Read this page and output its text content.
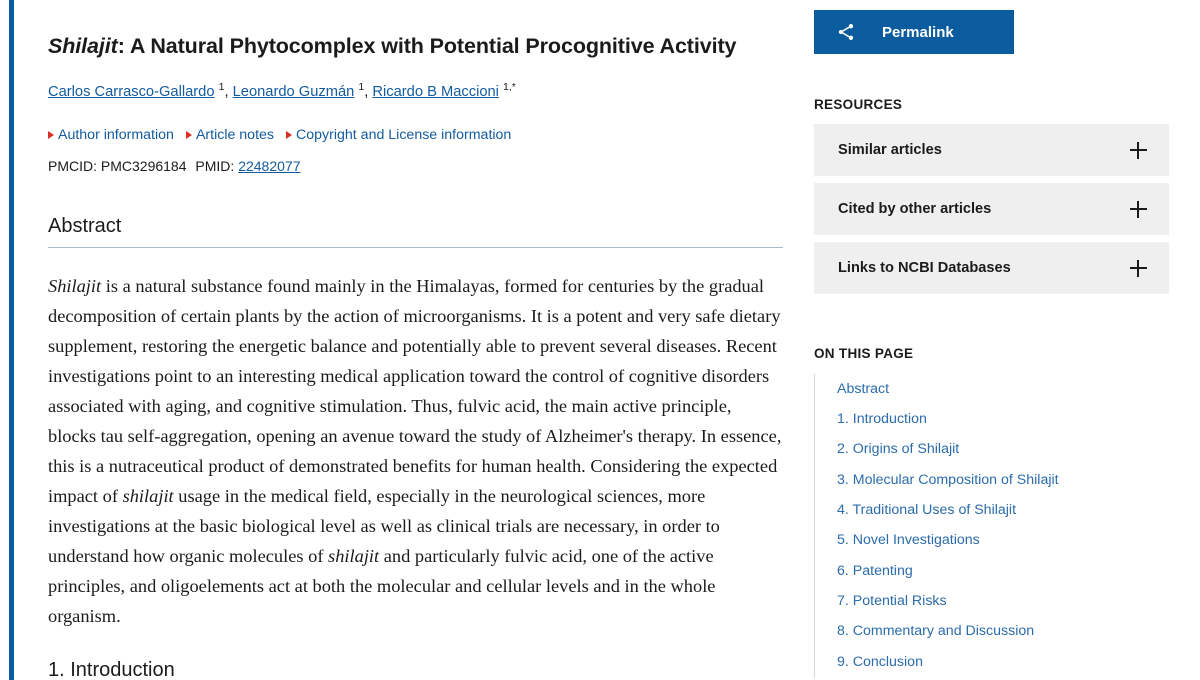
Shilajit: A Natural Phytocomplex with Potential Procognitive Activity
Carlos Carrasco-Gallardo $^1$, Leonardo Guzmán $^1$, Ricardo B Maccioni $^{1,*}$
Author information Article notes Copyright and License information
PMCID: PMC3296184 PMID: 22482077
Abstract
Shilajit is a natural substance found mainly in the Himalayas, formed for centuries by the gradual decomposition of certain plants by the action of microorganisms. It is a potent and very safe dietary supplement, restoring the energetic balance and potentially able to prevent several diseases. Recent investigations point to an interesting medical application toward the control of cognitive disorders associated with aging, and cognitive stimulation. Thus, fulvic acid, the main active principle, blocks tau self-aggregation, opening an avenue toward the study of Alzheimer's therapy. In essence, this is a nutraceutical product of demonstrated benefits for human health. Considering the expected impact of shilajit usage in the medical field, especially in the neurological sciences, more investigations at the basic biological level as well as clinical trials are necessary, in order to understand how organic molecules of shilajit and particularly fulvic acid, one of the active principles, and oligoelements act at both the molecular and cellular levels and in the whole organism.
1. Introduction
Permalink
RESOURCES
Similar articles
Cited by other articles
Links to NCBI Databases
ON THIS PAGE
Abstract
1. Introduction
2. Origins of Shilajit
3. Molecular Composition of Shilajit
4. Traditional Uses of Shilajit
5. Novel Investigations
6. Patenting
7. Potential Risks
8. Commentary and Discussion
9. Conclusion
